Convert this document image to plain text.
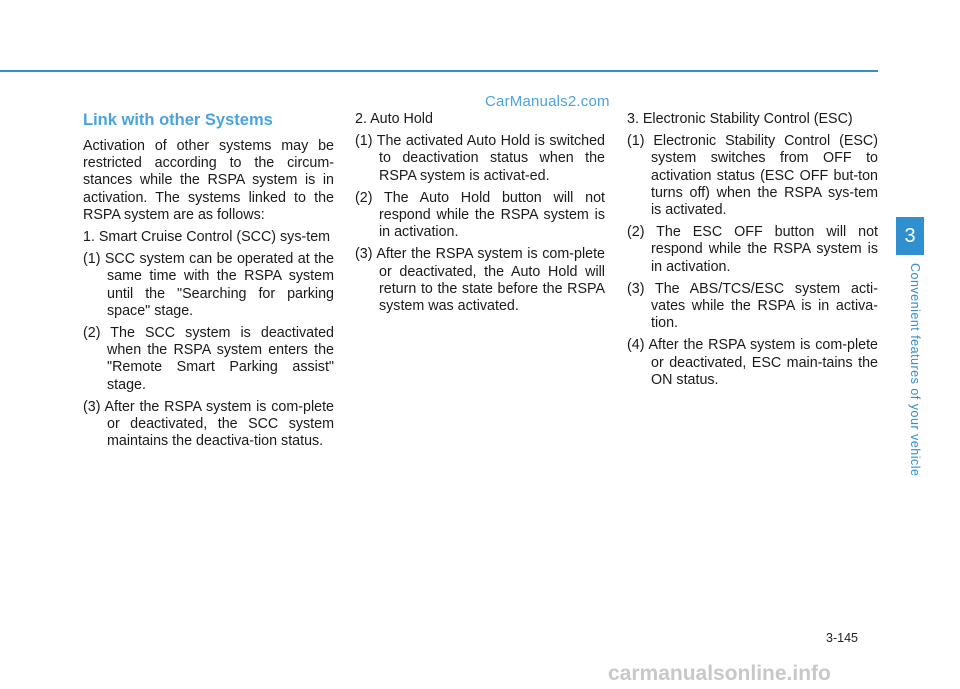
CarManuals2.com
Link with other Systems

Activation of other systems may be restricted according to the circum-stances while the RSPA system is in activation. The systems linked to the RSPA system are as follows:

1. Smart Cruise Control (SCC) sys-tem
(1) SCC system can be operated at the same time with the RSPA system until the "Searching for parking space" stage.
(2) The SCC system is deactivated when the RSPA system enters the "Remote Smart Parking assist" stage.
(3) After the RSPA system is com-plete or deactivated, the SCC system maintains the deactiva-tion status.
2. Auto Hold
(1) The activated Auto Hold is switched to deactivation status when the RSPA system is activat-ed.
(2) The Auto Hold button will not respond while the RSPA system is in activation.
(3) After the RSPA system is com-plete or deactivated, the Auto Hold will return to the state before the RSPA system was activated.
3. Electronic Stability Control (ESC)
(1) Electronic Stability Control (ESC) system switches from OFF to activation status (ESC OFF but-ton turns off) when the RSPA sys-tem is activated.
(2) The ESC OFF button will not respond while the RSPA system is in activation.
(3) The ABS/TCS/ESC system acti-vates while the RSPA is in activa-tion.
(4) After the RSPA system is com-plete or deactivated, ESC main-tains the ON status.
3
Convenient features of your vehicle
3-145
carmanualsonline.info
